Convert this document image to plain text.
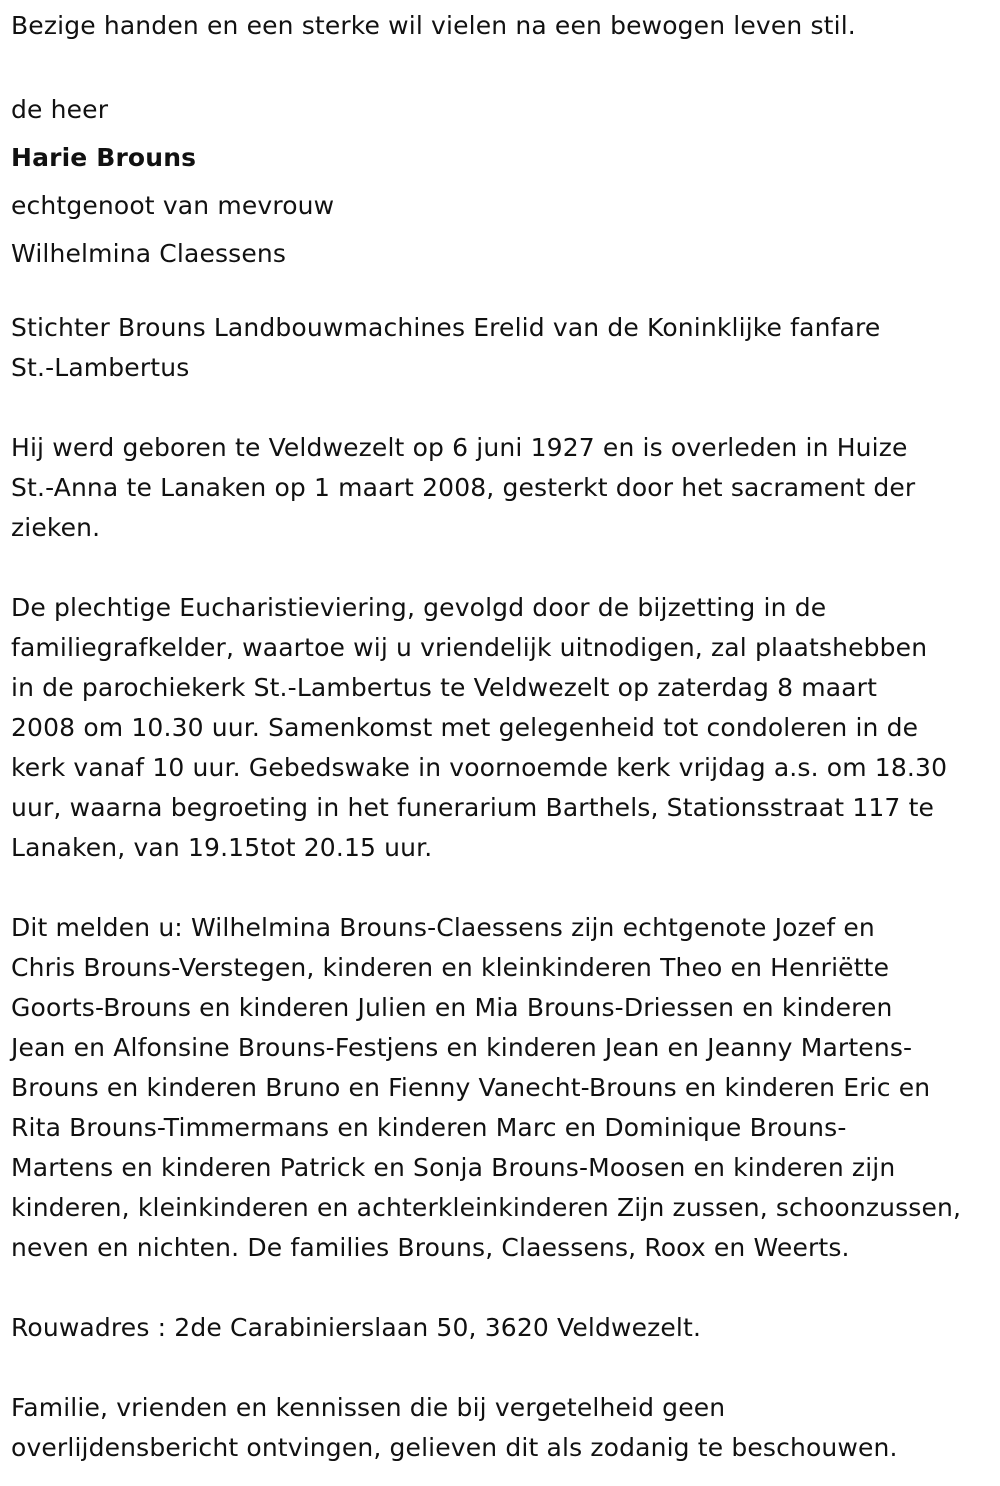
Bezige handen en een sterke wil vielen na een bewogen leven stil.

de heer

Harie Brouns

echtgenoot van mevrouw

Wilhelmina Claessens

Stichter Brouns Landbouwmachines Erelid van de Koninklijke fanfare
St.-Lambertus
Hij werd geboren te Veldwezelt op 6 juni 1927 en is overleden in Huize
St.-Anna te Lanaken op 1 maart 2008, gesterkt door het sacrament der
zieken.
De plechtige Eucharistieviering, gevolgd door de bijzetting in de
familiegrafkelder, waartoe wij u vriendelijk uitnodigen, zal plaatshebben
in de parochiekerk St.-Lambertus te Veldwezelt op zaterdag 8 maart
2008 om 10.30 uur. Samenkomst met gelegenheid tot condoleren in de
kerk vanaf 10 uur. Gebedswake in voornoemde kerk vrijdag a.s. om 18.30
uur, waarna begroeting in het funerarium Barthels, Stationsstraat 117 te
Lanaken, van 19.15tot 20.15 uur.
Dit melden u: Wilhelmina Brouns-Claessens zijn echtgenote Jozef en
Chris Brouns-Verstegen, kinderen en kleinkinderen Theo en Henriëtte
Goorts-Brouns en kinderen Julien en Mia Brouns-Driessen en kinderen
Jean en Alfonsine Brouns-Festjens en kinderen Jean en Jeanny Martens-
Brouns en kinderen Bruno en Fienny Vanecht-Brouns en kinderen Eric en
Rita Brouns-Timmermans en kinderen Marc en Dominique Brouns-
Martens en kinderen Patrick en Sonja Brouns-Moosen en kinderen zijn
kinderen, kleinkinderen en achterkleinkinderen Zijn zussen, schoonzussen,
neven en nichten. De families Brouns, Claessens, Roox en Weerts.

Rouwadres : 2de Carabinierslaan 50, 3620 Veldwezelt.

Familie, vrienden en kennissen die bij vergetelheid geen
overlijdensbericht ontvingen, gelieven dit als zodanig te beschouwen.
